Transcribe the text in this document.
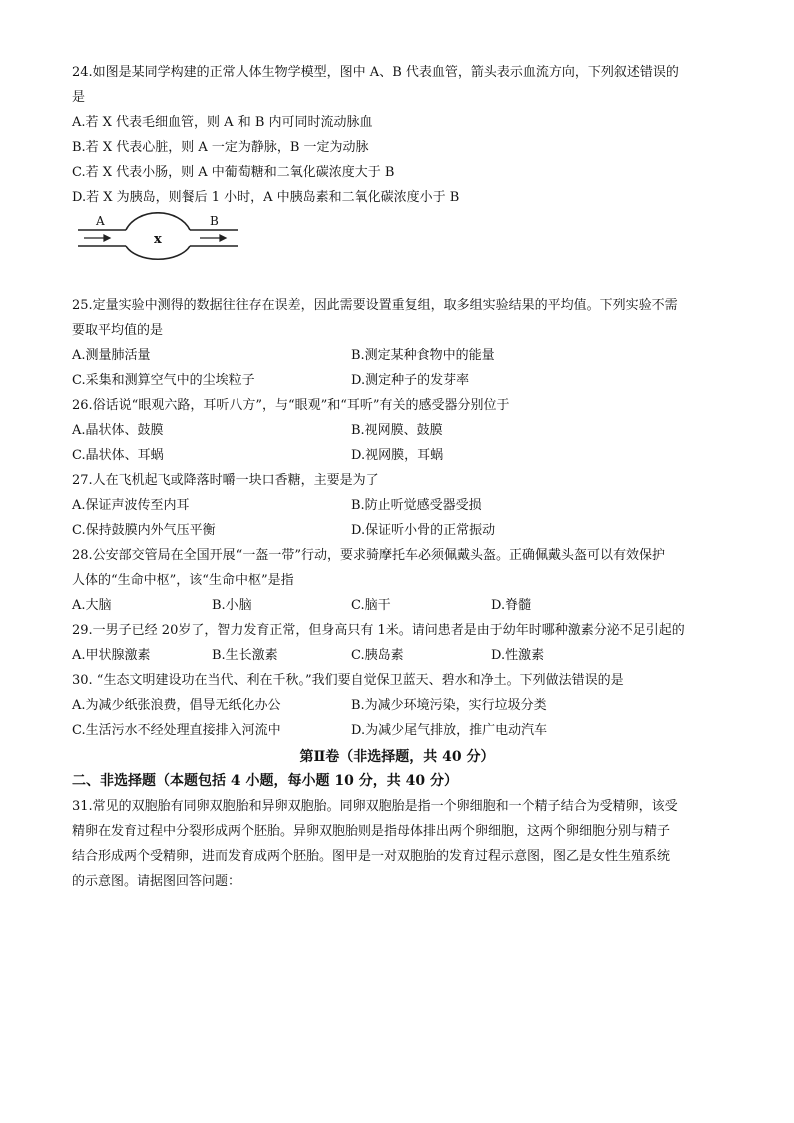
24.如图是某同学构建的正常人体生物学模型，图中 A、B 代表血管，箭头表示血流方向，下列叙述错误的
是
A.若 X 代表毛细血管，则 A 和 B 内可同时流动脉血
B.若 X 代表心脏，则 A 一定为静脉，B 一定为动脉
C.若 X 代表小肠，则 A 中葡萄糖和二氧化碳浓度大于 B
D.若 X 为胰岛，则餐后 1 小时，A 中胰岛素和二氧化碳浓度小于 B
A	B
x
25.定量实验中测得的数据往往存在误差，因此需要设置重复组，取多组实验结果的平均值。下列实验不需
要取平均值的是
A.测量肺活量	B.测定某种食物中的能量
C.采集和测算空气中的尘埃粒子	D.测定种子的发芽率
26.俗话说“眼观六路，耳听八方”，与“眼观”和“耳听”有关的感受器分别位于
A.晶状体、鼓膜	B.视网膜、鼓膜
C.晶状体、耳蜗	D.视网膜，耳蜗
27.人在飞机起飞或降落时嚼一块口香糖，主要是为了
A.保证声波传至内耳	B.防止听觉感受器受损
C.保持鼓膜内外气压平衡	D.保证听小骨的正常振动
28.公安部交管局在全国开展“一盔一带”行动，要求骑摩托车必须佩戴头盔。正确佩戴头盔可以有效保护
人体的“生命中枢”，该“生命中枢”是指
A.大脑	B.小脑	C.脑干	D.脊髓
29.一男子已经 20岁了，智力发育正常，但身高只有 1米。请问患者是由于幼年时哪种激素分泌不足引起的
A.甲状腺激素	B.生长激素	C.胰岛素	D.性激素
30. “生态文明建设功在当代、利在千秋。”我们要自觉保卫蓝天、碧水和净土。下列做法错误的是
A.为减少纸张浪费，倡导无纸化办公	B.为减少环境污染，实行垃圾分类
C.生活污水不经处理直接排入河流中	D.为减少尾气排放，推广电动汽车
第Ⅱ卷（非选择题，共 40 分）
二、非选择题（本题包括 4 小题，每小题 10 分，共 40 分）
31.常见的双胞胎有同卵双胞胎和异卵双胞胎。同卵双胞胎是指一个卵细胞和一个精子结合为受精卵，该受
精卵在发育过程中分裂形成两个胚胎。异卵双胞胎则是指母体排出两个卵细胞，这两个卵细胞分别与精子
结合形成两个受精卵，进而发育成两个胚胎。图甲是一对双胞胎的发育过程示意图，图乙是女性生殖系统
的示意图。请据图回答问题：
